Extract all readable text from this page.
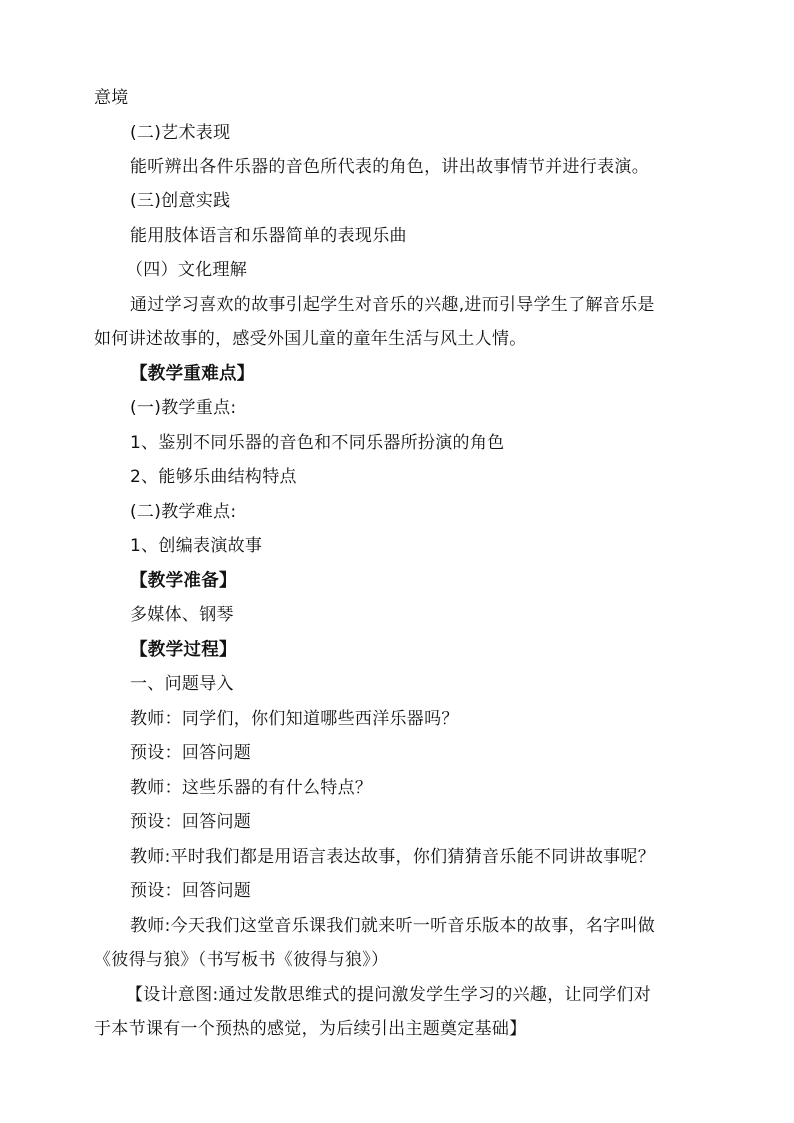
意境
(二)艺术表现
能听辨出各件乐器的音色所代表的角色，讲出故事情节并进行表演。
(三)创意实践
能用肢体语言和乐器简单的表现乐曲
（四）文化理解
通过学习喜欢的故事引起学生对音乐的兴趣,进而引导学生了解音乐是
如何讲述故事的，感受外国儿童的童年生活与风土人情。
【教学重难点】
(一)教学重点:
1、鉴别不同乐器的音色和不同乐器所扮演的角色
2、能够乐曲结构特点
(二)教学难点:
1、创编表演故事
【教学准备】
多媒体、钢琴
【教学过程】
一、问题导入
教师：同学们，你们知道哪些西洋乐器吗？
预设：回答问题
教师：这些乐器的有什么特点？
预设：回答问题
教师:平时我们都是用语言表达故事，你们猜猜音乐能不同讲故事呢？
预设：回答问题
教师:今天我们这堂音乐课我们就来听一听音乐版本的故事，名字叫做
《彼得与狼》（书写板书《彼得与狼》）
【设计意图:通过发散思维式的提问激发学生学习的兴趣，让同学们对
于本节课有一个预热的感觉，为后续引出主题奠定基础】
